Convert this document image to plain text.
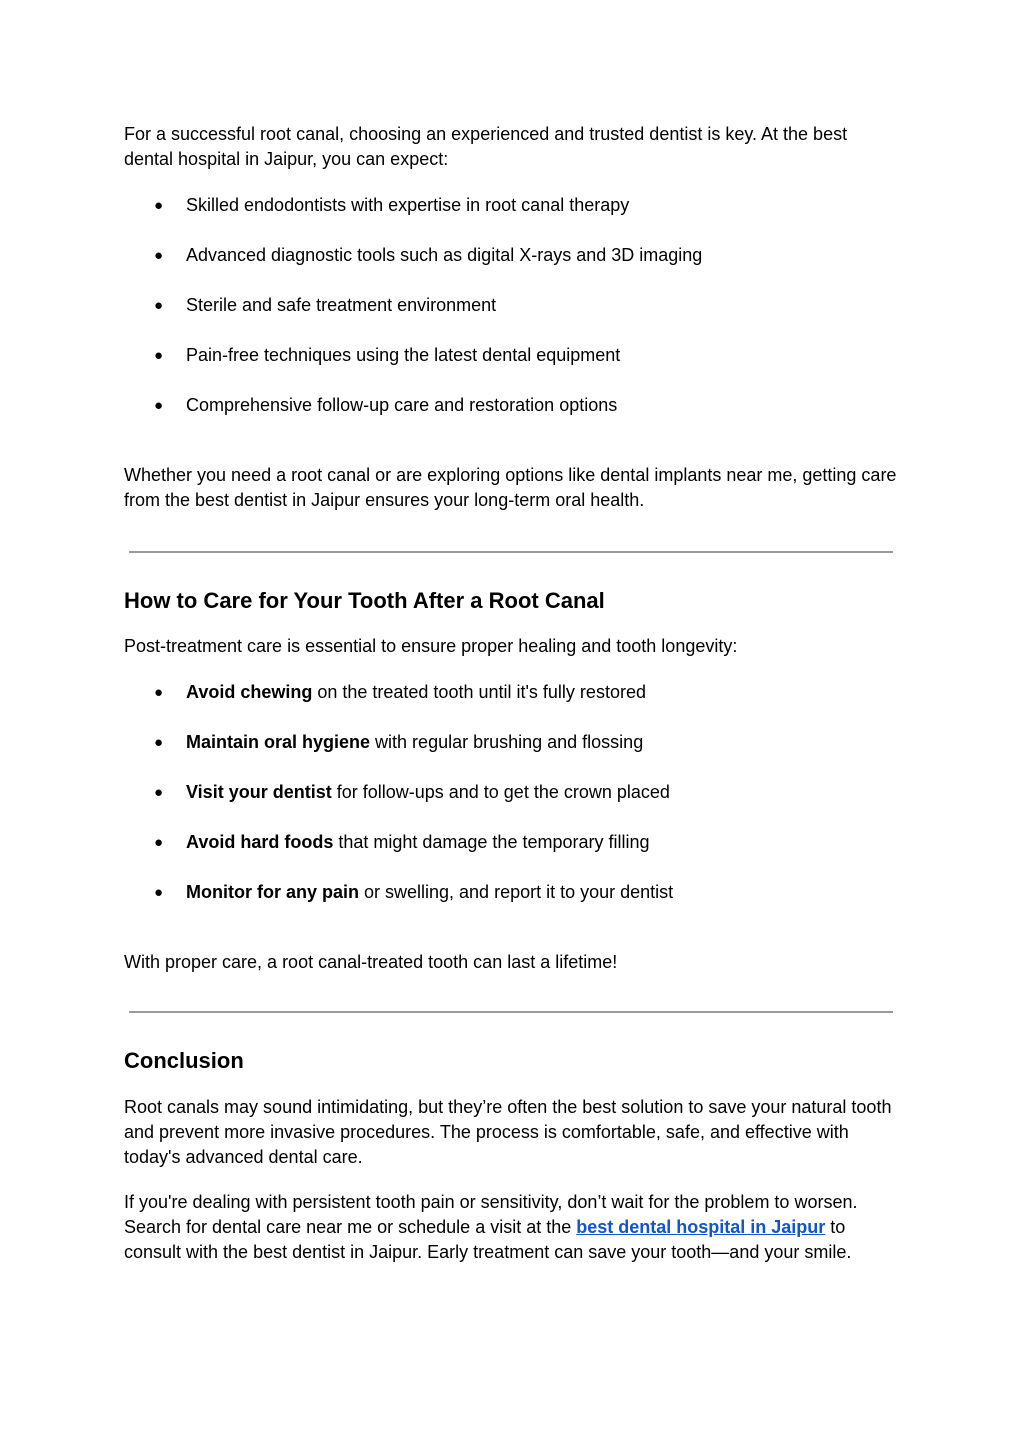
For a successful root canal, choosing an experienced and trusted dentist is key. At the best dental hospital in Jaipur, you can expect:

● Skilled endodontists with expertise in root canal therapy
● Advanced diagnostic tools such as digital X-rays and 3D imaging
● Sterile and safe treatment environment
● Pain-free techniques using the latest dental equipment
● Comprehensive follow-up care and restoration options

Whether you need a root canal or are exploring options like dental implants near me, getting care from the best dentist in Jaipur ensures your long-term oral health.

How to Care for Your Tooth After a Root Canal

Post-treatment care is essential to ensure proper healing and tooth longevity:

● Avoid chewing on the treated tooth until it's fully restored
● Maintain oral hygiene with regular brushing and flossing
● Visit your dentist for follow-ups and to get the crown placed
● Avoid hard foods that might damage the temporary filling
● Monitor for any pain or swelling, and report it to your dentist

With proper care, a root canal-treated tooth can last a lifetime!

Conclusion

Root canals may sound intimidating, but they’re often the best solution to save your natural tooth and prevent more invasive procedures. The process is comfortable, safe, and effective with today's advanced dental care.

If you're dealing with persistent tooth pain or sensitivity, don’t wait for the problem to worsen. Search for dental care near me or schedule a visit at the best dental hospital in Jaipur to consult with the best dentist in Jaipur. Early treatment can save your tooth—and your smile.
